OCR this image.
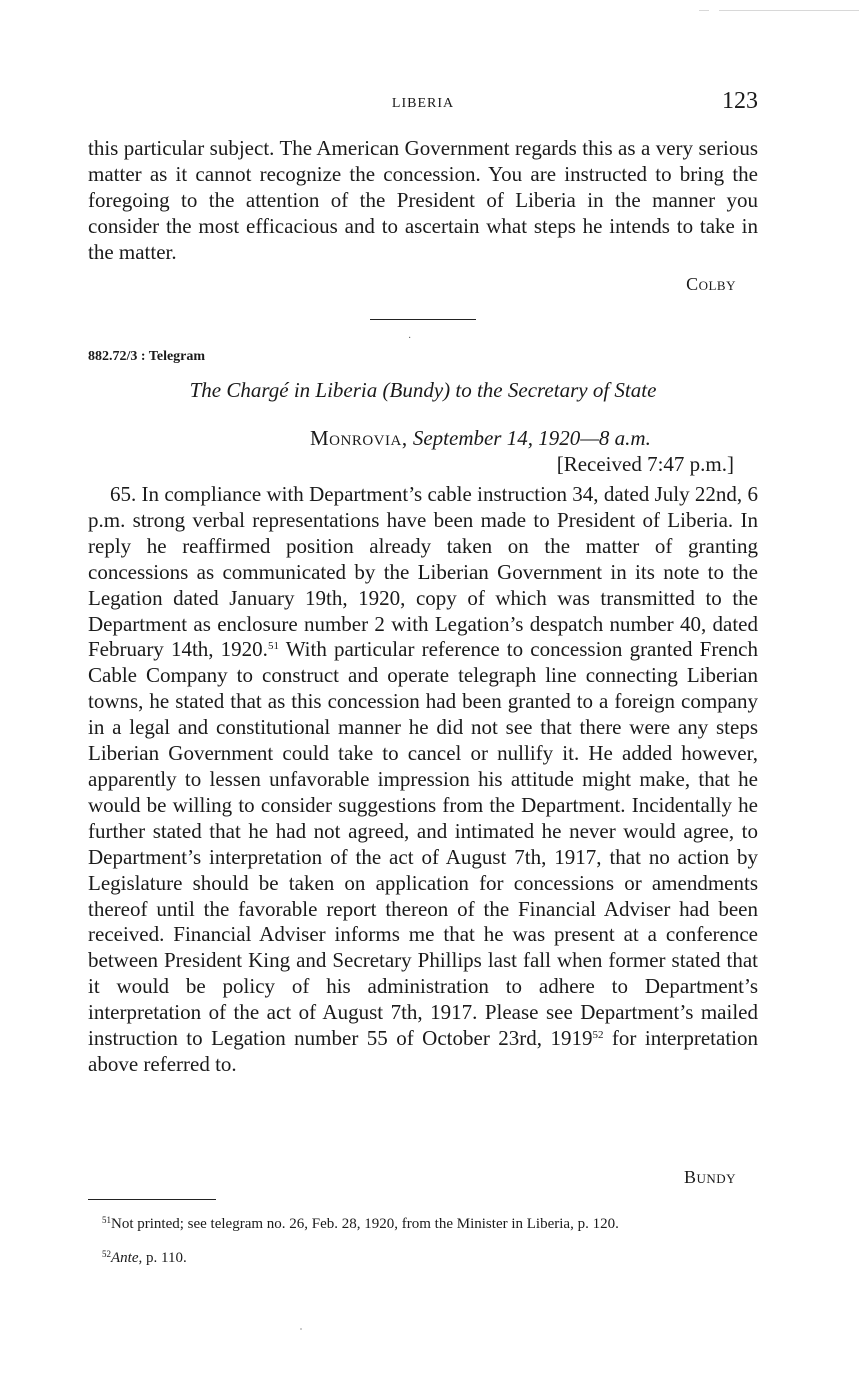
LIBERIA	123

this particular subject. The American Government regards this as a very serious matter as it cannot recognize the concession. You are instructed to bring the foregoing to the attention of the President of Liberia in the manner you consider the most efficacious and to ascertain what steps he intends to take in the matter.

Colby
·
882.72/3 : Telegram
The Chargé in Liberia (Bundy) to the Secretary of State
Monrovia, September 14, 1920—8 a.m.
[Received 7:47 p.m.]

65. In compliance with Department’s cable instruction 34, dated July 22nd, 6 p.m. strong verbal representations have been made to President of Liberia. In reply he reaffirmed position already taken on the matter of granting concessions as communicated by the Liberian Government in its note to the Legation dated January 19th, 1920, copy of which was transmitted to the Department as enclosure number 2 with Legation’s despatch number 40, dated February 14th, 1920.51 With particular reference to concession granted French Cable Company to construct and operate telegraph line connecting Liberian towns, he stated that as this concession had been granted to a foreign company in a legal and constitutional manner he did not see that there were any steps Liberian Government could take to cancel or nullify it. He added however, apparently to lessen unfavorable impression his attitude might make, that he would be willing to consider suggestions from the Department. Incidentally he further stated that he had not agreed, and intimated he never would agree, to Department’s interpretation of the act of August 7th, 1917, that no action by Legislature should be taken on application for concessions or amendments thereof until the favorable report thereon of the Financial Adviser had been received. Financial Adviser informs me that he was present at a conference between President King and Secretary Phillips last fall when former stated that it would be policy of his administration to adhere to Department’s interpretation of the act of August 7th, 1917. Please see Department’s mailed instruction to Legation number 55 of October 23rd, 1919$^{52}$ for interpretation above referred to.

Bundy
$^{51}$Not printed; see telegram no. 26, Feb. 28, 1920, from the Minister in Liberia, p. 120.
$^{52}$Ante, p. 110.
